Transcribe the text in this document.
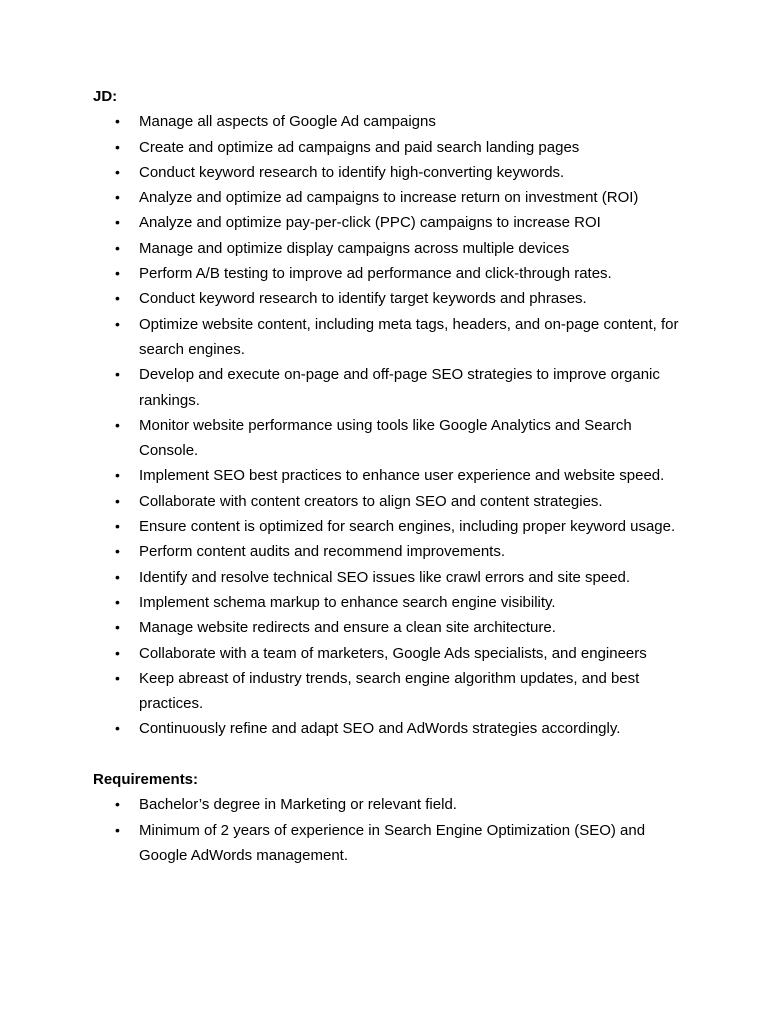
JD:

• Manage all aspects of Google Ad campaigns
• Create and optimize ad campaigns and paid search landing pages
• Conduct keyword research to identify high-converting keywords.
• Analyze and optimize ad campaigns to increase return on investment (ROI)
• Analyze and optimize pay-per-click (PPC) campaigns to increase ROI
• Manage and optimize display campaigns across multiple devices
• Perform A/B testing to improve ad performance and click-through rates.
• Conduct keyword research to identify target keywords and phrases.
• Optimize website content, including meta tags, headers, and on-page content, for search engines.
• Develop and execute on-page and off-page SEO strategies to improve organic rankings.
• Monitor website performance using tools like Google Analytics and Search Console.
• Implement SEO best practices to enhance user experience and website speed.
• Collaborate with content creators to align SEO and content strategies.
• Ensure content is optimized for search engines, including proper keyword usage.
• Perform content audits and recommend improvements.
• Identify and resolve technical SEO issues like crawl errors and site speed.
• Implement schema markup to enhance search engine visibility.
• Manage website redirects and ensure a clean site architecture.
• Collaborate with a team of marketers, Google Ads specialists, and engineers
• Keep abreast of industry trends, search engine algorithm updates, and best practices.
• Continuously refine and adapt SEO and AdWords strategies accordingly.

Requirements:

• Bachelor’s degree in Marketing or relevant field.
• Minimum of 2 years of experience in Search Engine Optimization (SEO) and Google AdWords management.
